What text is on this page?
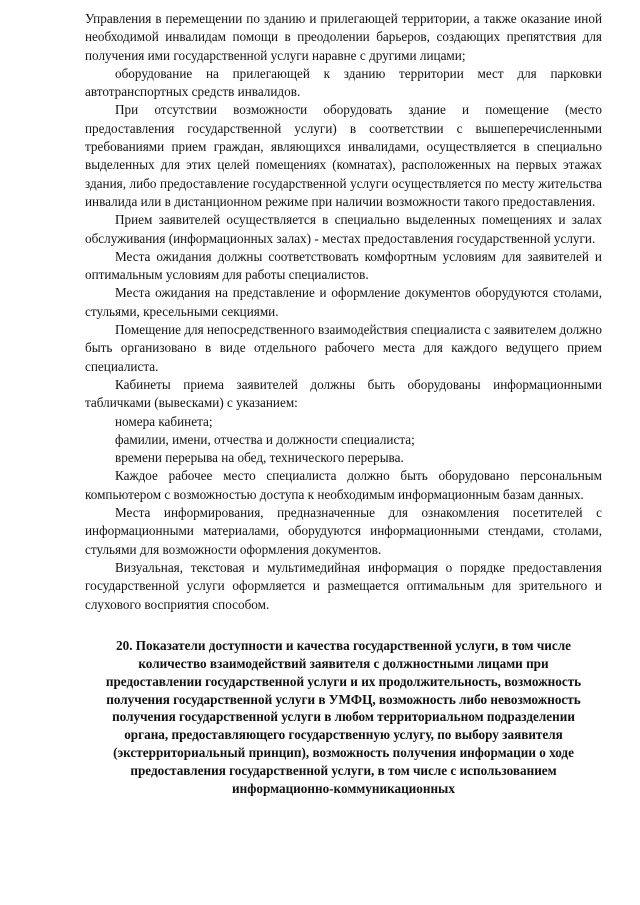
Управления в перемещении по зданию и прилегающей территории, а также оказание иной необходимой инвалидам помощи в преодолении барьеров, создающих препятствия для получения ими государственной услуги наравне с другими лицами;

оборудование на прилегающей к зданию территории мест для парковки автотранспортных средств инвалидов.

При отсутствии возможности оборудовать здание и помещение (место предоставления государственной услуги) в соответствии с вышеперечисленными требованиями прием граждан, являющихся инвалидами, осуществляется в специально выделенных для этих целей помещениях (комнатах), расположенных на первых этажах здания, либо предоставление государственной услуги осуществляется по месту жительства инвалида или в дистанционном режиме при наличии возможности такого предоставления.

Прием заявителей осуществляется в специально выделенных помещениях и залах обслуживания (информационных залах) - местах предоставления государственной услуги.

Места ожидания должны соответствовать комфортным условиям для заявителей и оптимальным условиям для работы специалистов.

Места ожидания на представление и оформление документов оборудуются столами, стульями, кресельными секциями.

Помещение для непосредственного взаимодействия специалиста с заявителем должно быть организовано в виде отдельного рабочего места для каждого ведущего прием специалиста.

Кабинеты приема заявителей должны быть оборудованы информационными табличками (вывесками) с указанием:

номера кабинета;

фамилии, имени, отчества и должности специалиста;

времени перерыва на обед, технического перерыва.

Каждое рабочее место специалиста должно быть оборудовано персональным компьютером с возможностью доступа к необходимым информационным базам данных.

Места информирования, предназначенные для ознакомления посетителей с информационными материалами, оборудуются информационными стендами, столами, стульями для возможности оформления документов.

Визуальная, текстовая и мультимедийная информация о порядке предоставления государственной услуги оформляется и размещается оптимальным для зрительного и слухового восприятия способом.

20. Показатели доступности и качества государственной услуги, в том числе количество взаимодействий заявителя с должностными лицами при предоставлении государственной услуги и их продолжительность, возможность получения государственной услуги в УМФЦ, возможность либо невозможность получения государственной услуги в любом территориальном подразделении органа, предоставляющего государственную услугу, по выбору заявителя (экстерриториальный принцип), возможность получения информации о ходе предоставления государственной услуги, в том числе с использованием информационно-коммуникационных
